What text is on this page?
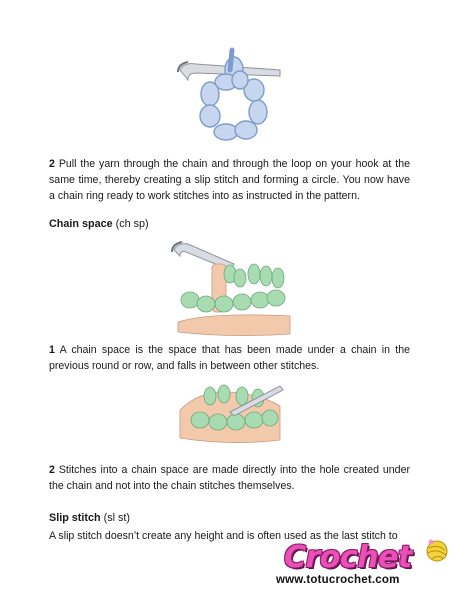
2 Pull the yarn through the chain and through the loop on your hook at the same time, thereby creating a slip stitch and forming a circle. You now have a chain ring ready to work stitches into as instructed in the pattern.

Chain space (ch sp)

1 A chain space is the space that has been made under a chain in the previous round or row, and falls in between other stitches.

2 Stitches into a chain space are made directly into the hole created under the chain and not into the chain stitches themselves.

Slip stitch (sl st)

A slip stitch doesn’t create any height and is often used as the last stitch to

Crochet
www.totucrochet.com
